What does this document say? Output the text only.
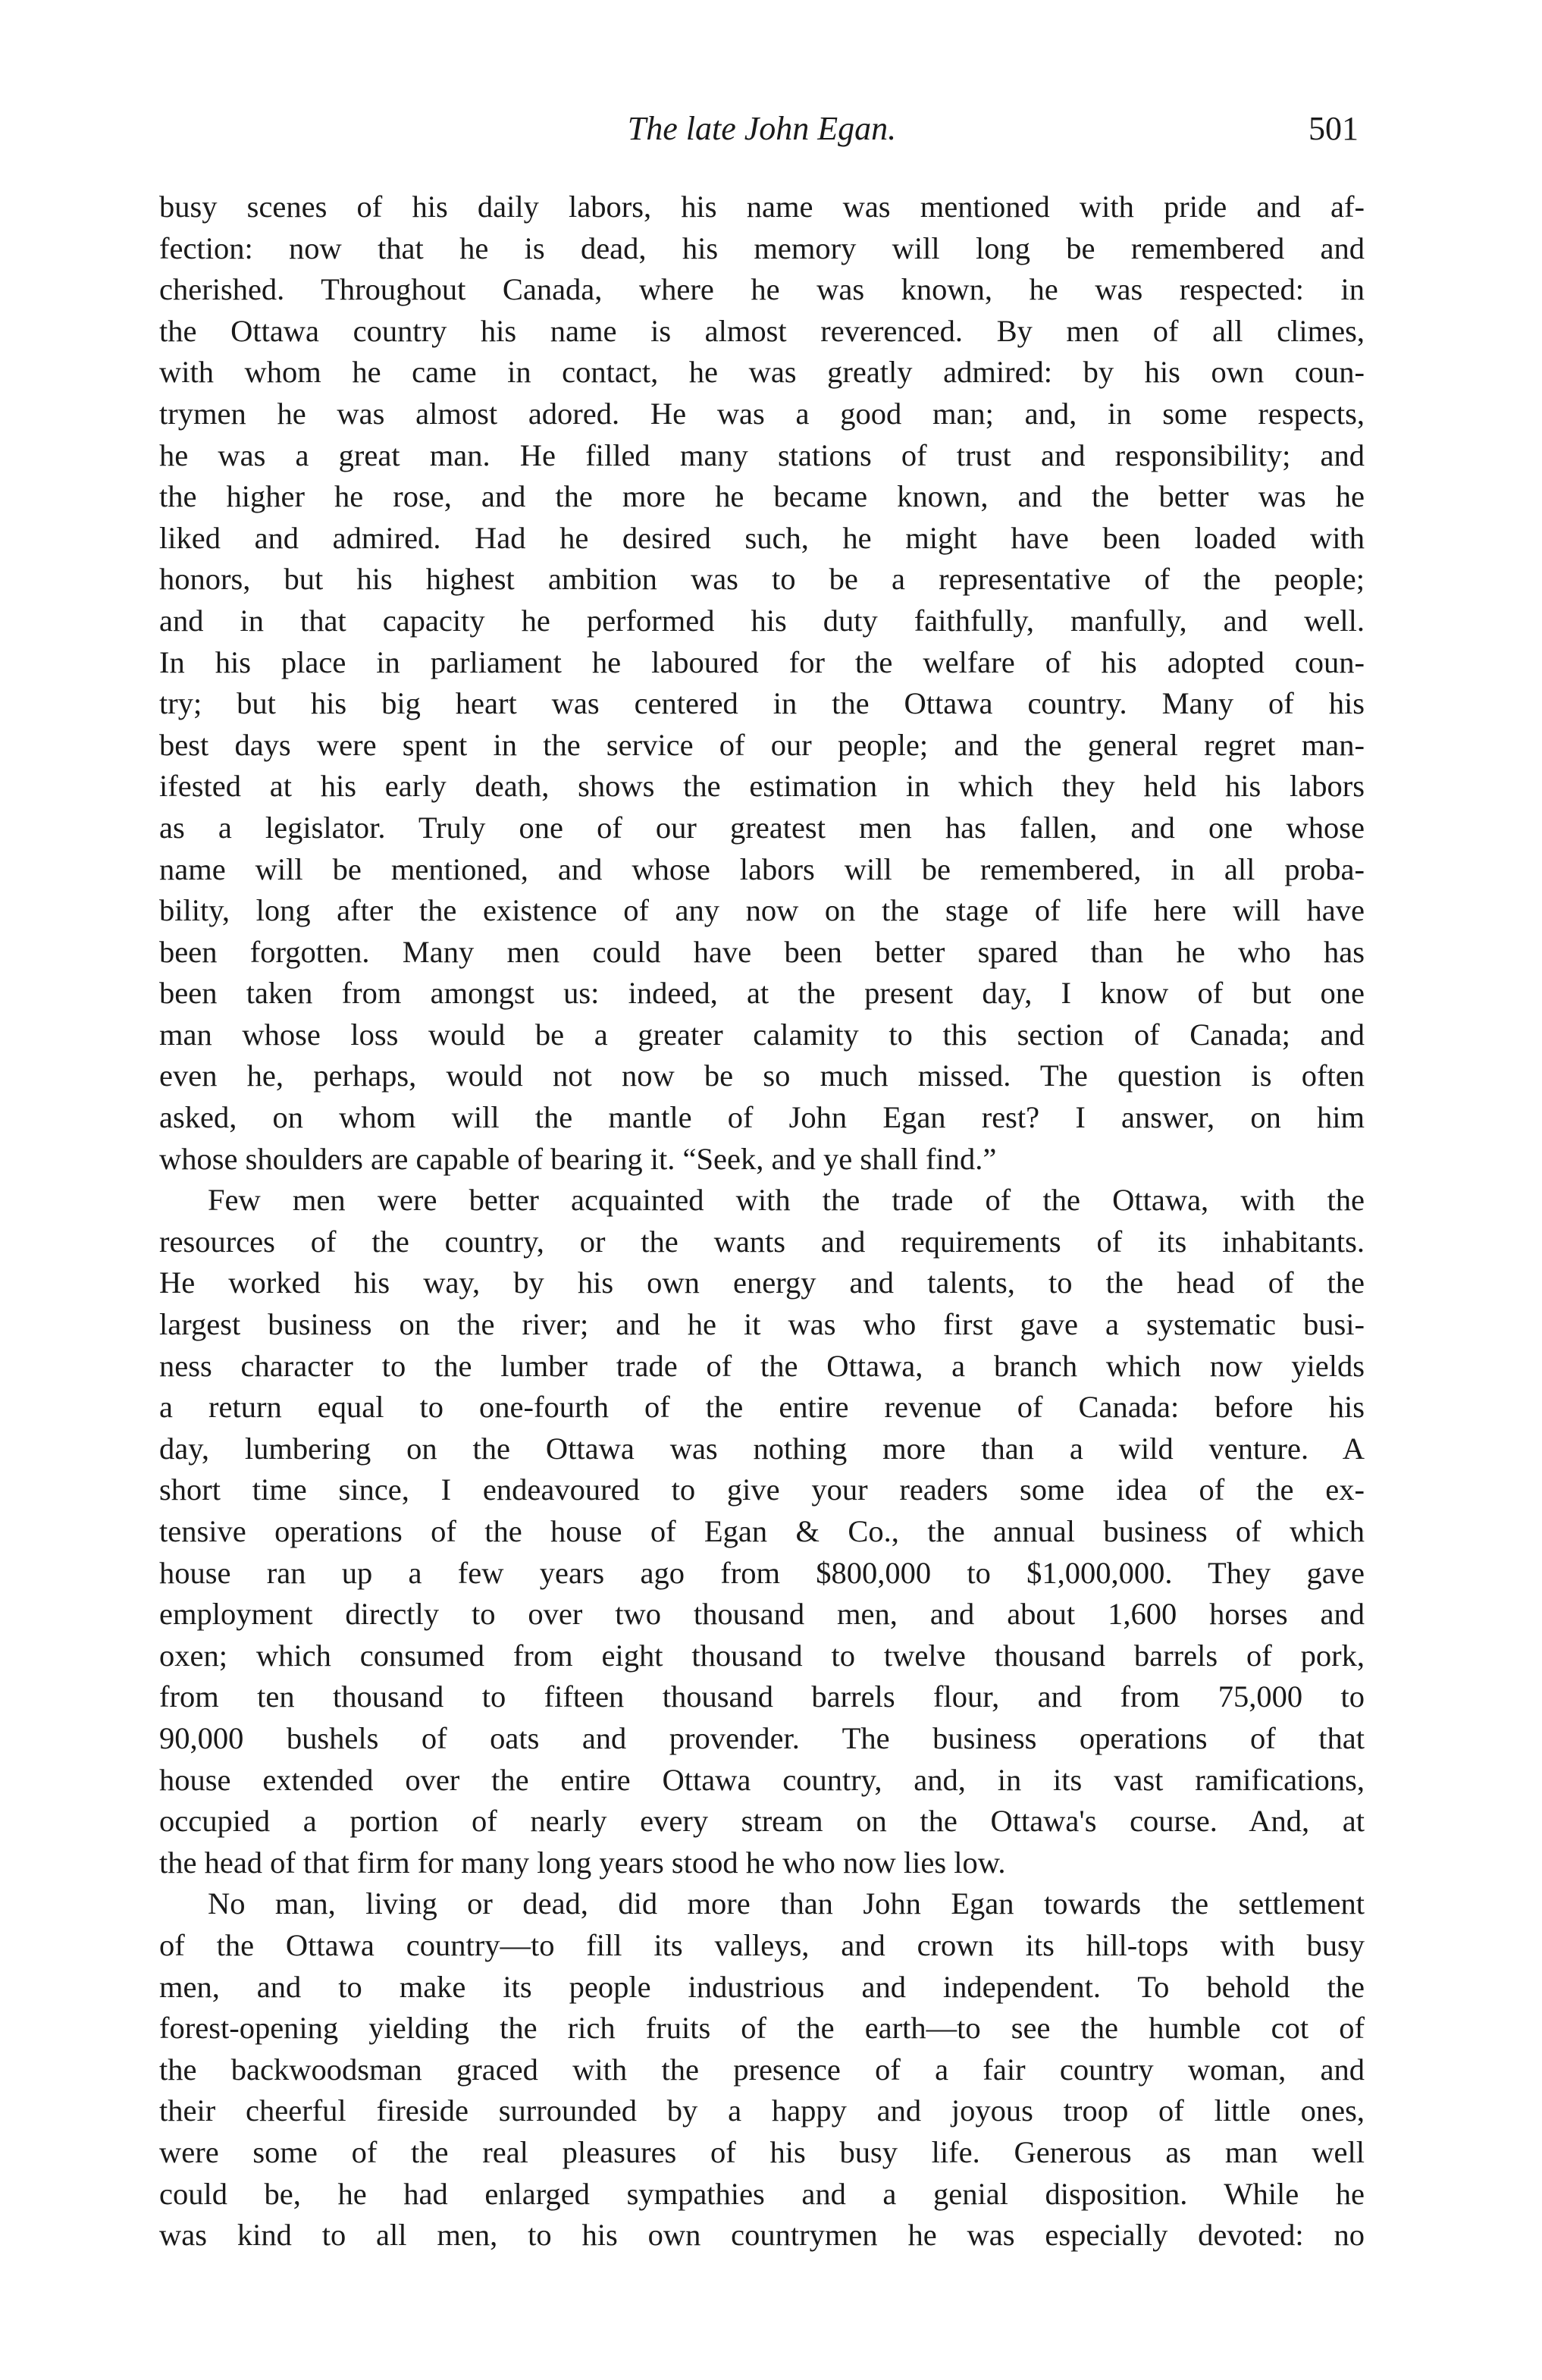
The late John Egan.	501
busy scenes of his daily labors, his name was mentioned with pride and af-
fection: now that he is dead, his memory will long be remembered and
cherished. Throughout Canada, where he was known, he was respected: in
the Ottawa country his name is almost reverenced. By men of all climes,
with whom he came in contact, he was greatly admired: by his own coun-
trymen he was almost adored. He was a good man; and, in some respects,
he was a great man. He filled many stations of trust and responsibility; and
the higher he rose, and the more he became known, and the better was he
liked and admired. Had he desired such, he might have been loaded with
honors, but his highest ambition was to be a representative of the people;
and in that capacity he performed his duty faithfully, manfully, and well.
In his place in parliament he laboured for the welfare of his adopted coun-
try; but his big heart was centered in the Ottawa country. Many of his
best days were spent in the service of our people; and the general regret man-
ifested at his early death, shows the estimation in which they held his labors
as a legislator. Truly one of our greatest men has fallen, and one whose
name will be mentioned, and whose labors will be remembered, in all proba-
bility, long after the existence of any now on the stage of life here will have
been forgotten. Many men could have been better spared than he who has
been taken from amongst us: indeed, at the present day, I know of but one
man whose loss would be a greater calamity to this section of Canada; and
even he, perhaps, would not now be so much missed. The question is often
asked, on whom will the mantle of John Egan rest? I answer, on him
whose shoulders are capable of bearing it. “Seek, and ye shall find.”
Few men were better acquainted with the trade of the Ottawa, with the
resources of the country, or the wants and requirements of its inhabitants.
He worked his way, by his own energy and talents, to the head of the
largest business on the river; and he it was who first gave a systematic busi-
ness character to the lumber trade of the Ottawa, a branch which now yields
a return equal to one-fourth of the entire revenue of Canada: before his
day, lumbering on the Ottawa was nothing more than a wild venture. A
short time since, I endeavoured to give your readers some idea of the ex-
tensive operations of the house of Egan & Co., the annual business of which
house ran up a few years ago from $800,000 to $1,000,000. They gave
employment directly to over two thousand men, and about 1,600 horses and
oxen; which consumed from eight thousand to twelve thousand barrels of pork,
from ten thousand to fifteen thousand barrels flour, and from 75,000 to
90,000 bushels of oats and provender. The business operations of that
house extended over the entire Ottawa country, and, in its vast ramifications,
occupied a portion of nearly every stream on the Ottawa's course. And, at
the head of that firm for many long years stood he who now lies low.
No man, living or dead, did more than John Egan towards the settlement
of the Ottawa country—to fill its valleys, and crown its hill-tops with busy
men, and to make its people industrious and independent. To behold the
forest-opening yielding the rich fruits of the earth—to see the humble cot of
the backwoodsman graced with the presence of a fair country woman, and
their cheerful fireside surrounded by a happy and joyous troop of little ones,
were some of the real pleasures of his busy life. Generous as man well
could be, he had enlarged sympathies and a genial disposition. While he
was kind to all men, to his own countrymen he was especially devoted: no
